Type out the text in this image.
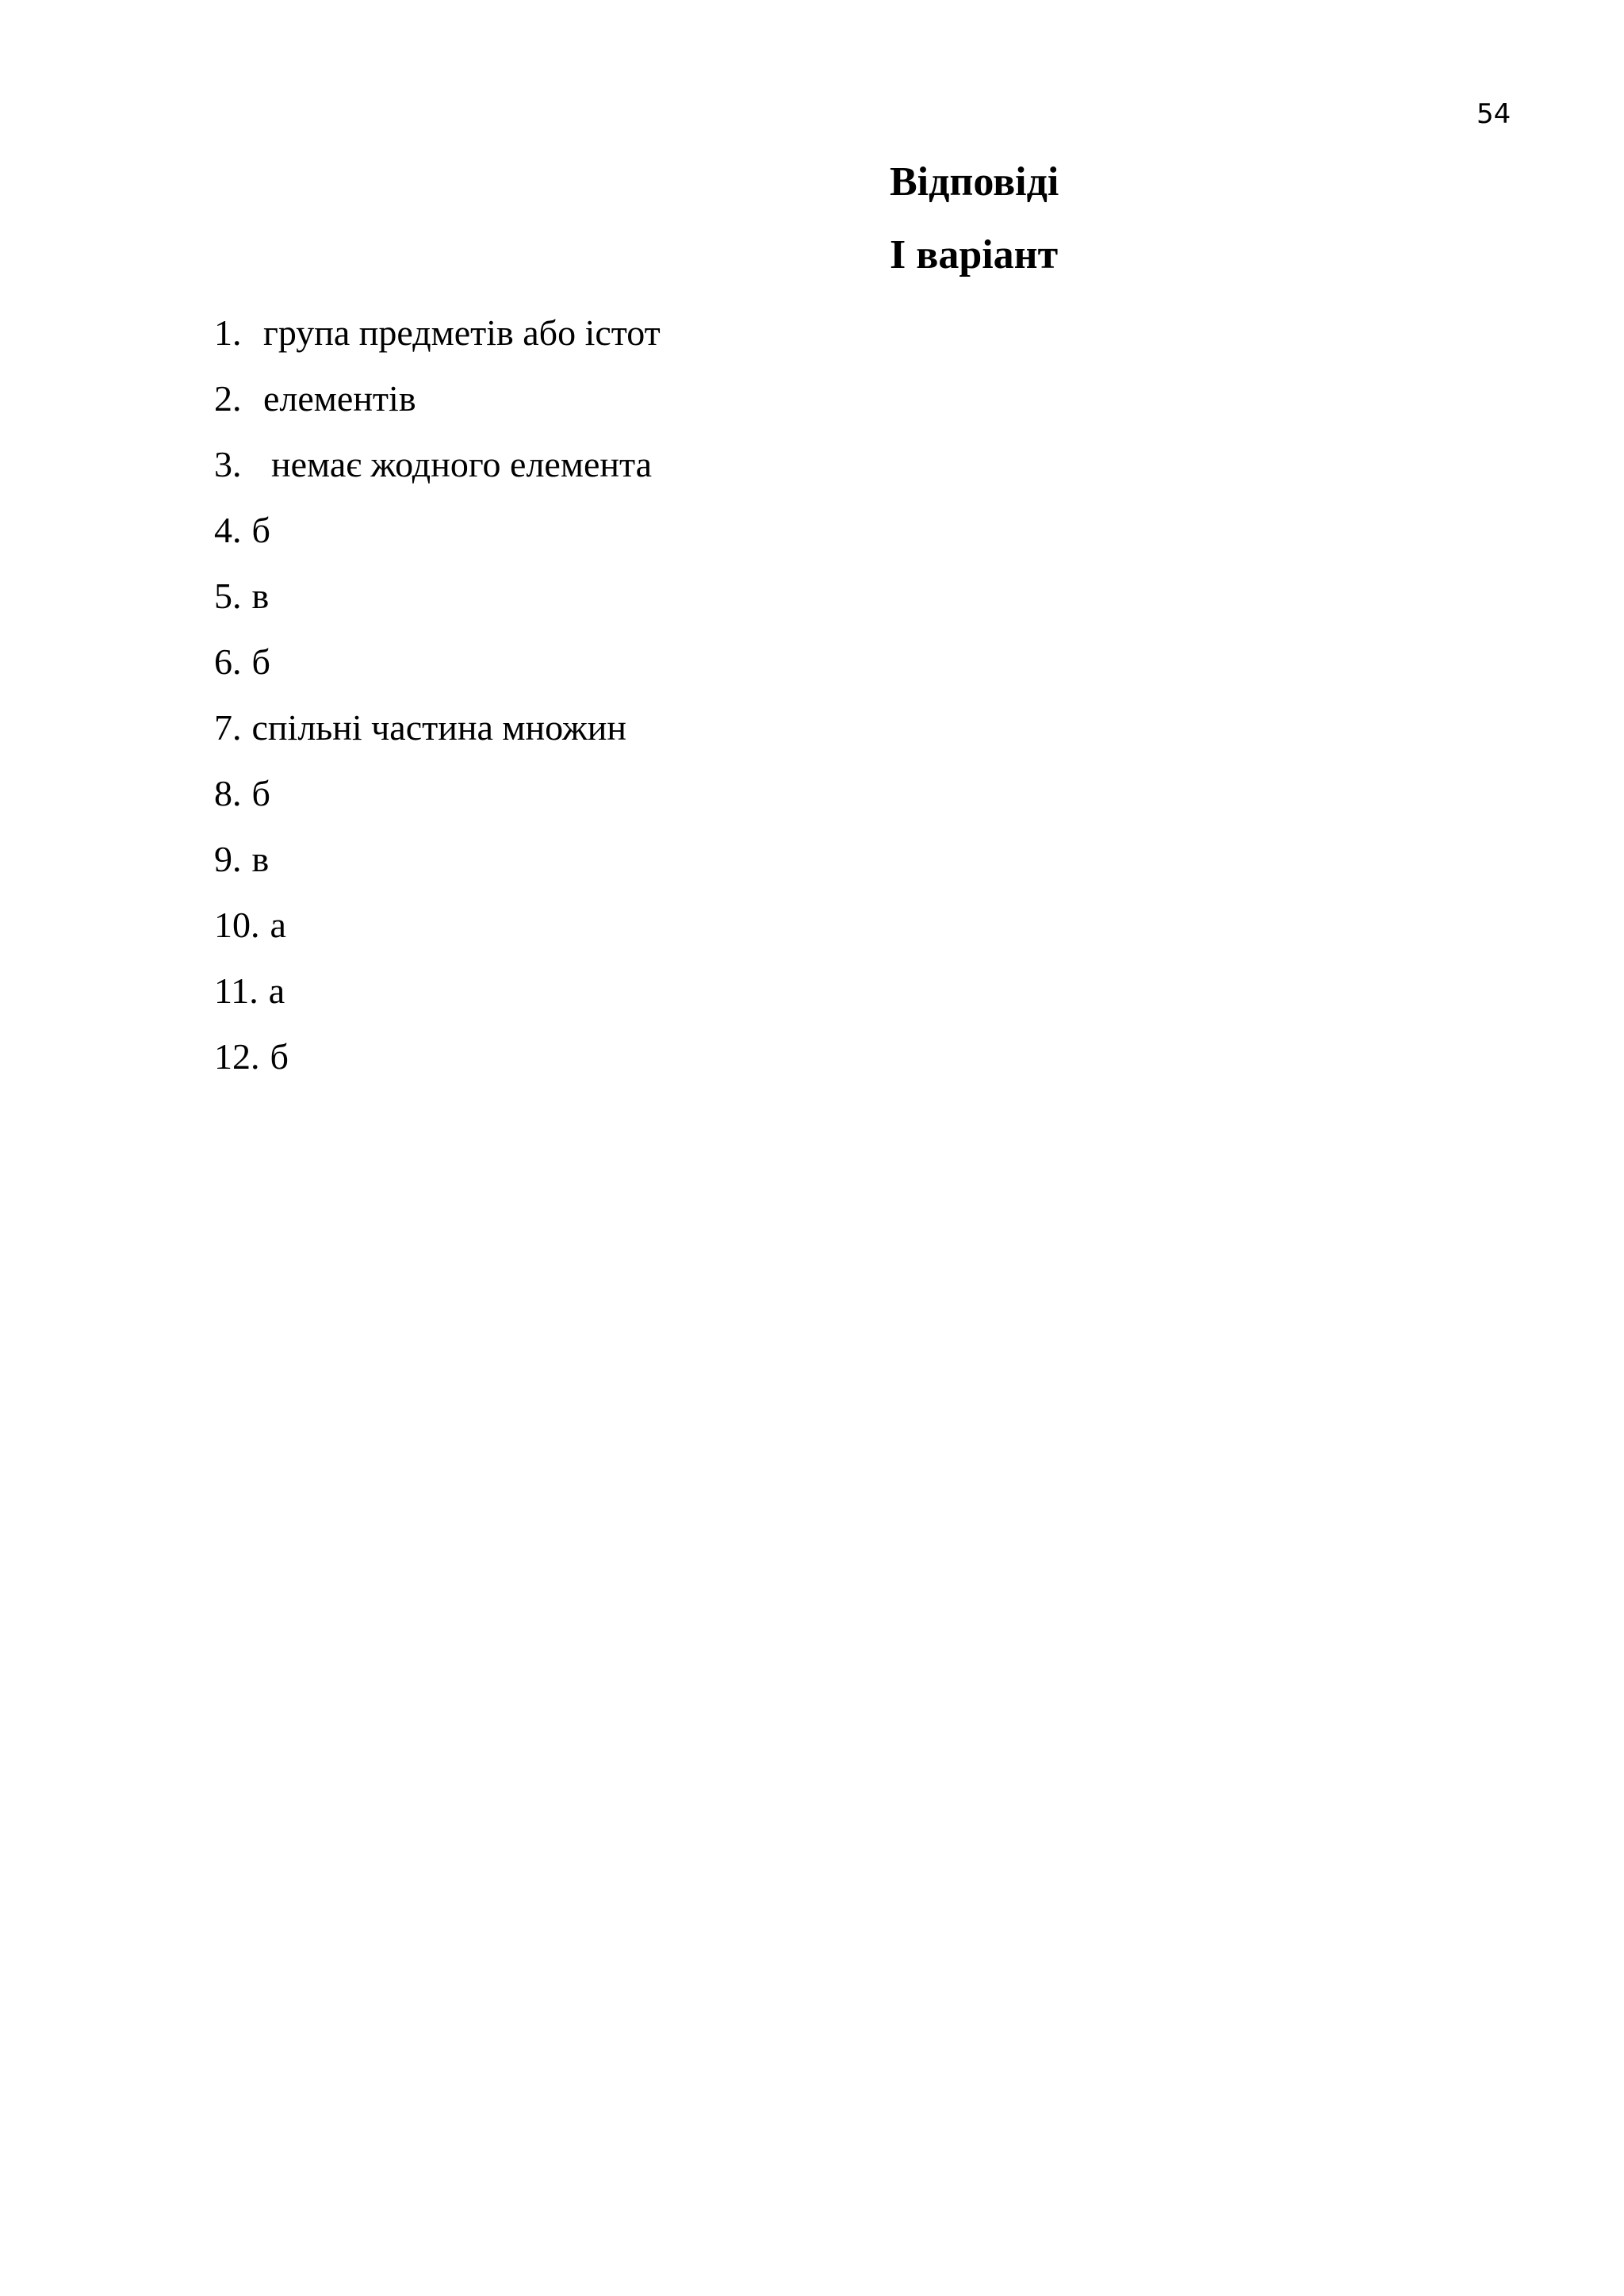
54

Відповіді
І варіант
1. група предметів або істот
2. елементів
3. немає жодного елемента
4. б
5. в
6. б
7. спільні частина множин
8. б
9. в
10. а
11. а
12. б
